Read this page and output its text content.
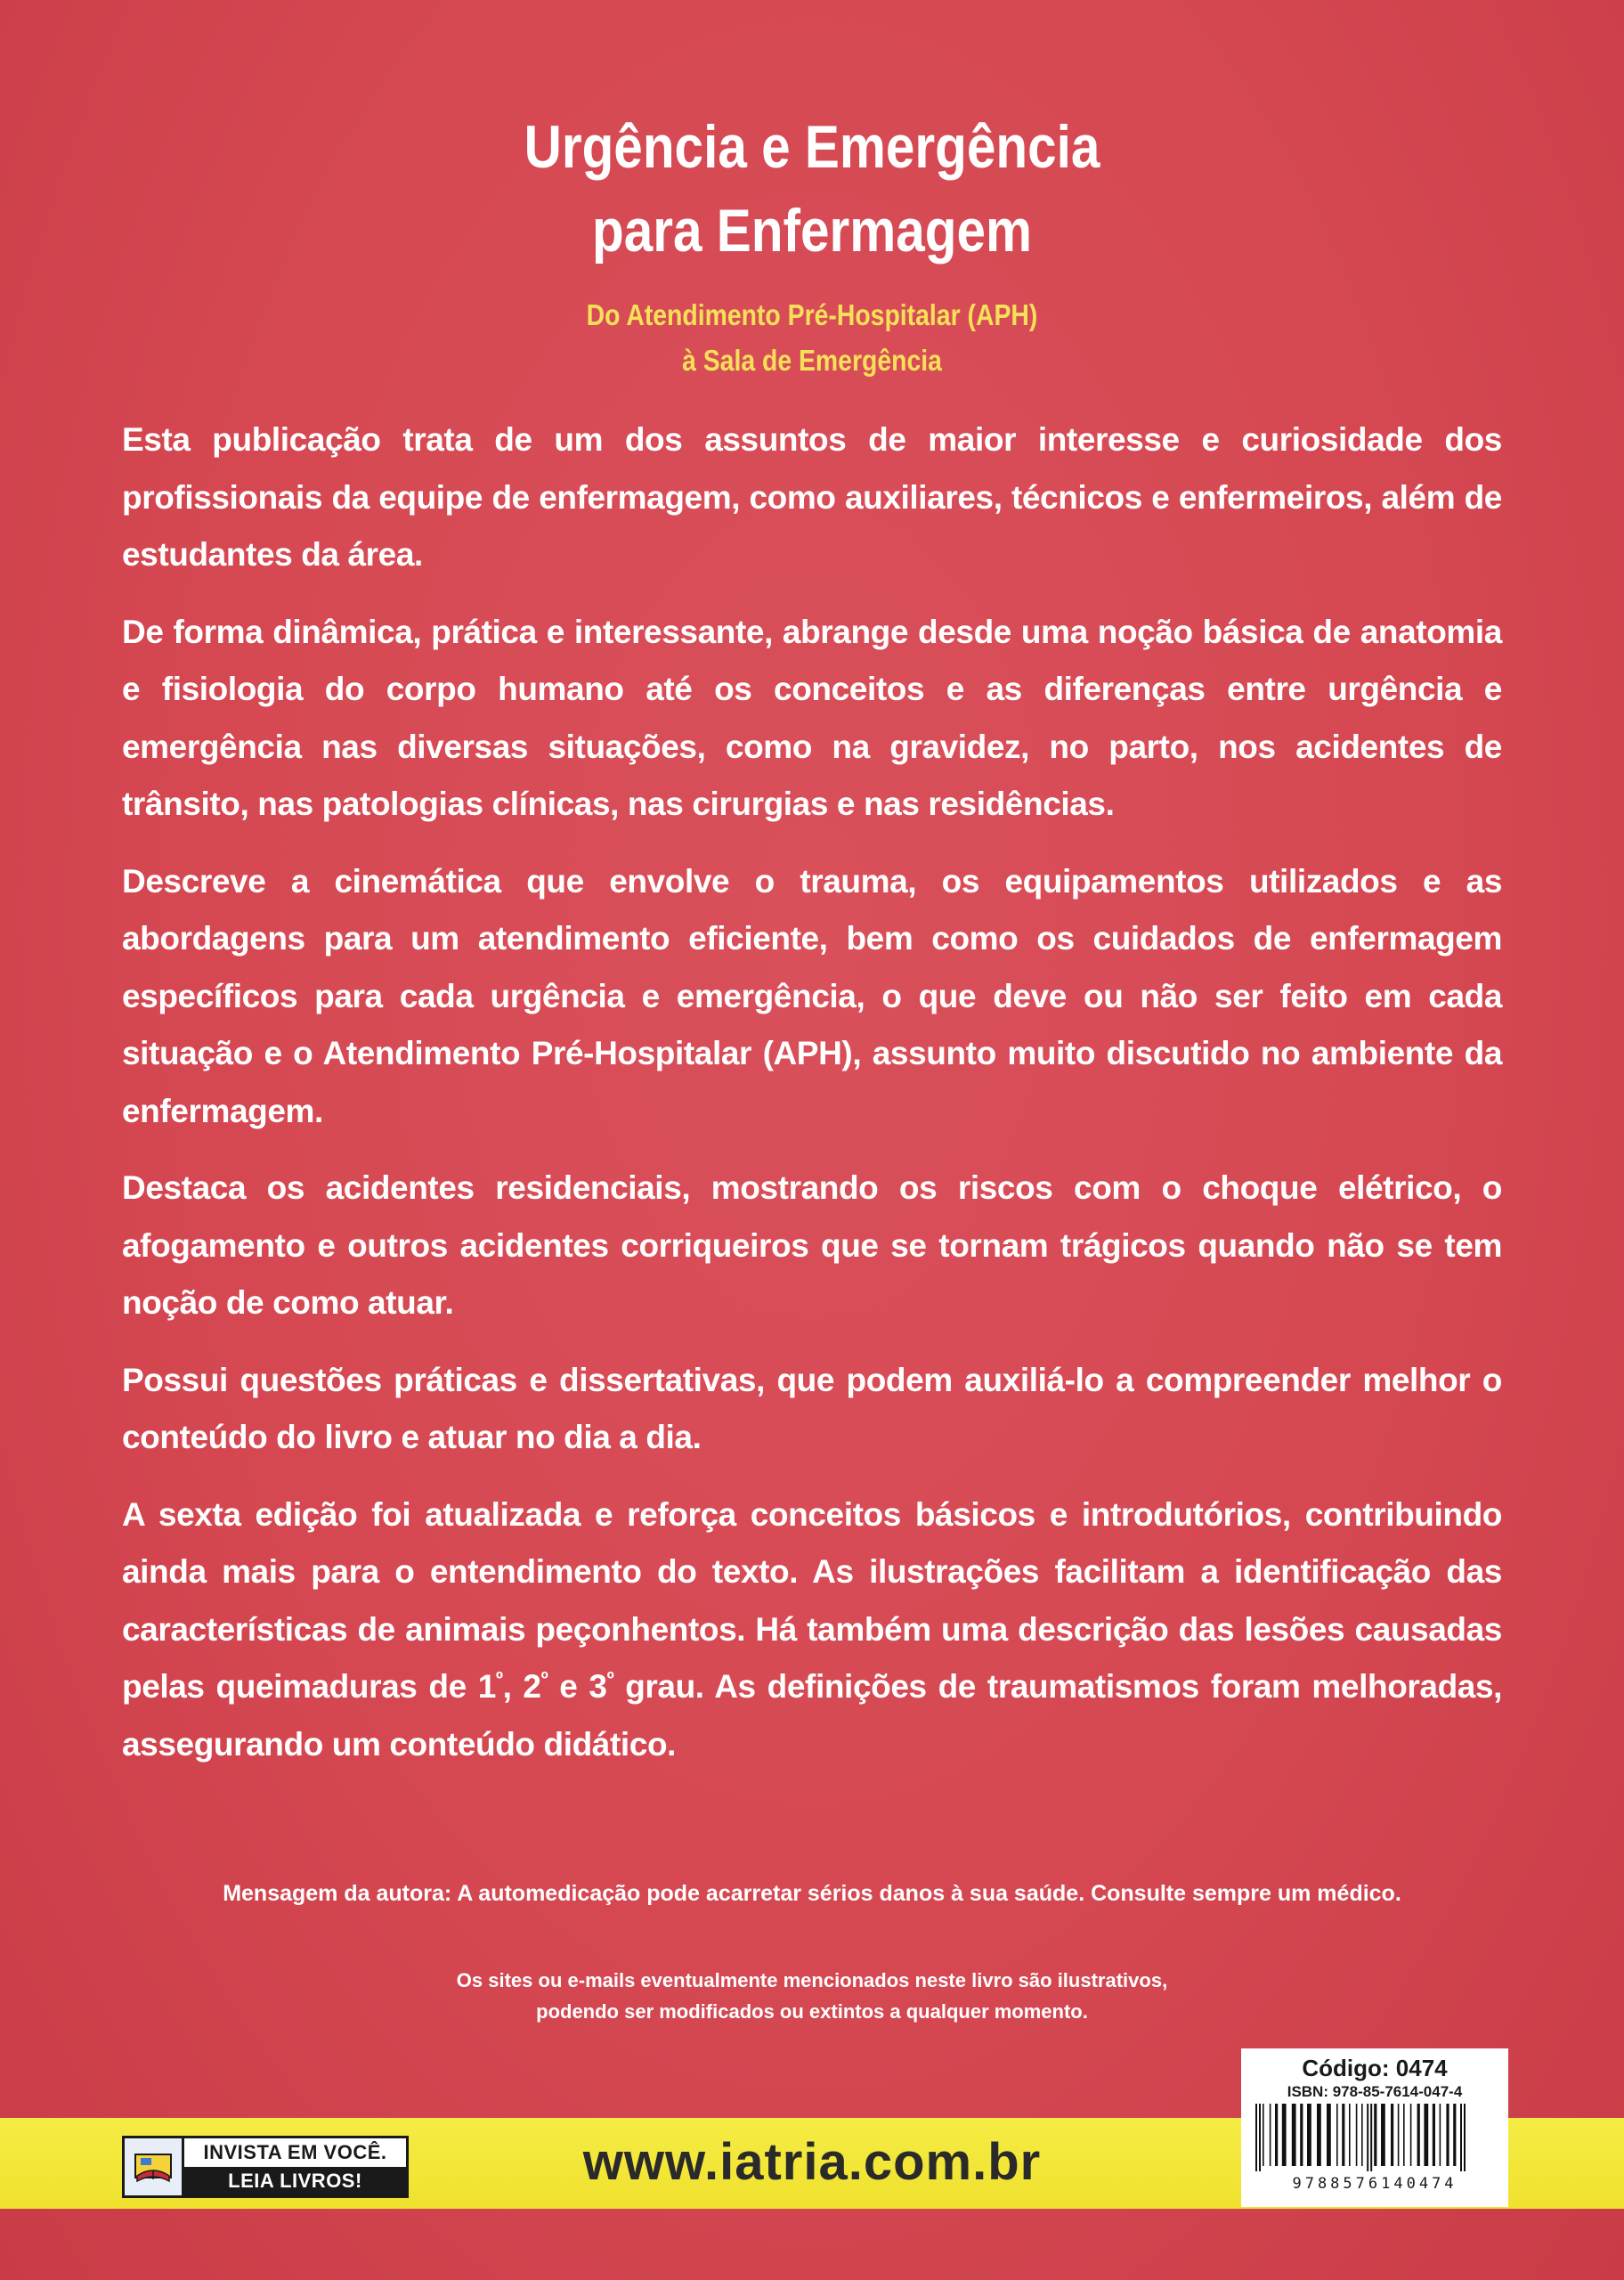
Urgência e Emergência
para Enfermagem
Do Atendimento Pré-Hospitalar (APH)
à Sala de Emergência

Esta publicação trata de um dos assuntos de maior interesse e curiosidade dos profissionais da equipe de enfermagem, como auxiliares, técnicos e enfermeiros, além de estudantes da área.

De forma dinâmica, prática e interessante, abrange desde uma noção básica de anatomia e fisiologia do corpo humano até os conceitos e as diferenças entre urgência e emergência nas diversas situações, como na gravidez, no parto, nos acidentes de trânsito, nas patologias clínicas, nas cirurgias e nas residências.

Descreve a cinemática que envolve o trauma, os equipamentos utilizados e as abordagens para um atendimento eficiente, bem como os cuidados de enfermagem específicos para cada urgência e emergência, o que deve ou não ser feito em cada situação e o Atendimento Pré-Hospitalar (APH), assunto muito discutido no ambiente da enfermagem.

Destaca os acidentes residenciais, mostrando os riscos com o choque elétrico, o afogamento e outros acidentes corriqueiros que se tornam trágicos quando não se tem noção de como atuar.

Possui questões práticas e dissertativas, que podem auxiliá-lo a compreender melhor o conteúdo do livro e atuar no dia a dia.

A sexta edição foi atualizada e reforça conceitos básicos e introdutórios, contribuindo ainda mais para o entendimento do texto. As ilustrações facilitam a identificação das características de animais peçonhentos. Há também uma descrição das lesões causadas pelas queimaduras de $1^º$, $2^º$ e $3^º$ grau. As definições de traumatismos foram melhoradas, assegurando um conteúdo didático.

Mensagem da autora: A automedicação pode acarretar sérios danos à sua saúde. Consulte sempre um médico.
Os sites ou e-mails eventualmente mencionados neste livro são ilustrativos,
podendo ser modificados ou extintos a qualquer momento.
www.iatria.com.br
INVISTA EM VOCÊ.
LEIA LIVROS!
Código: 0474
ISBN: 978-85-7614-047-4
9788576140474
